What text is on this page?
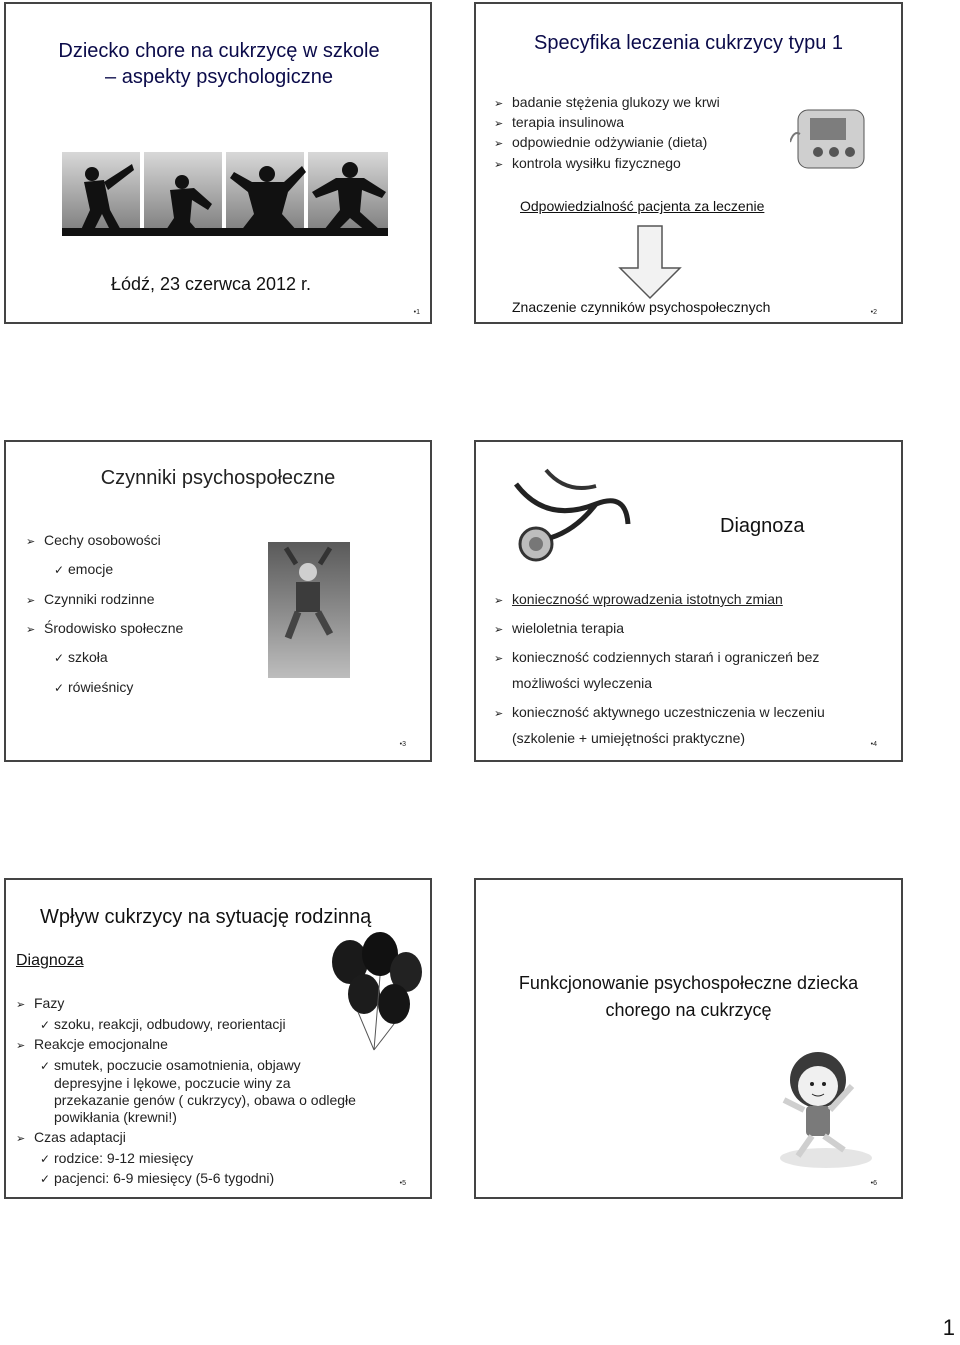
Dziecko chore na cukrzycę w szkole
– aspekty psychologiczne
Łódź, 23 czerwca 2012 r.
• 1
Specyfika leczenia cukrzycy typu 1
➢ badanie stężenia glukozy we krwi
➢ terapia insulinowa
➢ odpowiednie odżywianie (dieta)
➢ kontrola wysiłku fizycznego
Odpowiedzialność pacjenta za leczenie
Znaczenie czynników psychospołecznych	• 2
Czynniki psychospołeczne
➢ Cechy osobowości
✓ emocje
➢ Czynniki rodzinne
➢ Środowisko społeczne
✓ szkoła
✓ rówieśnicy
• 3
Diagnoza
➢ konieczność wprowadzenia istotnych zmian
➢ wieloletnia terapia
➢ konieczność codziennych starań i ograniczeń bez
możliwości wyleczenia
➢ konieczność aktywnego uczestniczenia w leczeniu
(szkolenie + umiejętności praktyczne)	• 4
Wpływ cukrzycy na sytuację rodzinną
Diagnoza
➢ Fazy
✓ szoku, reakcji, odbudowy, reorientacji
➢ Reakcje emocjonalne
✓ smutek, poczucie osamotnienia, objawy
depresyjne i lękowe, poczucie winy za
przekazanie genów ( cukrzycy), obawa o odległe
powikłania (krewni!)
➢ Czas adaptacji
✓ rodzice: 9-12 miesięcy
✓ pacjenci: 6-9 miesięcy (5-6 tygodni)	• 5
Funkcjonowanie psychospołeczne dziecka
chorego na cukrzycę
• 6
1
